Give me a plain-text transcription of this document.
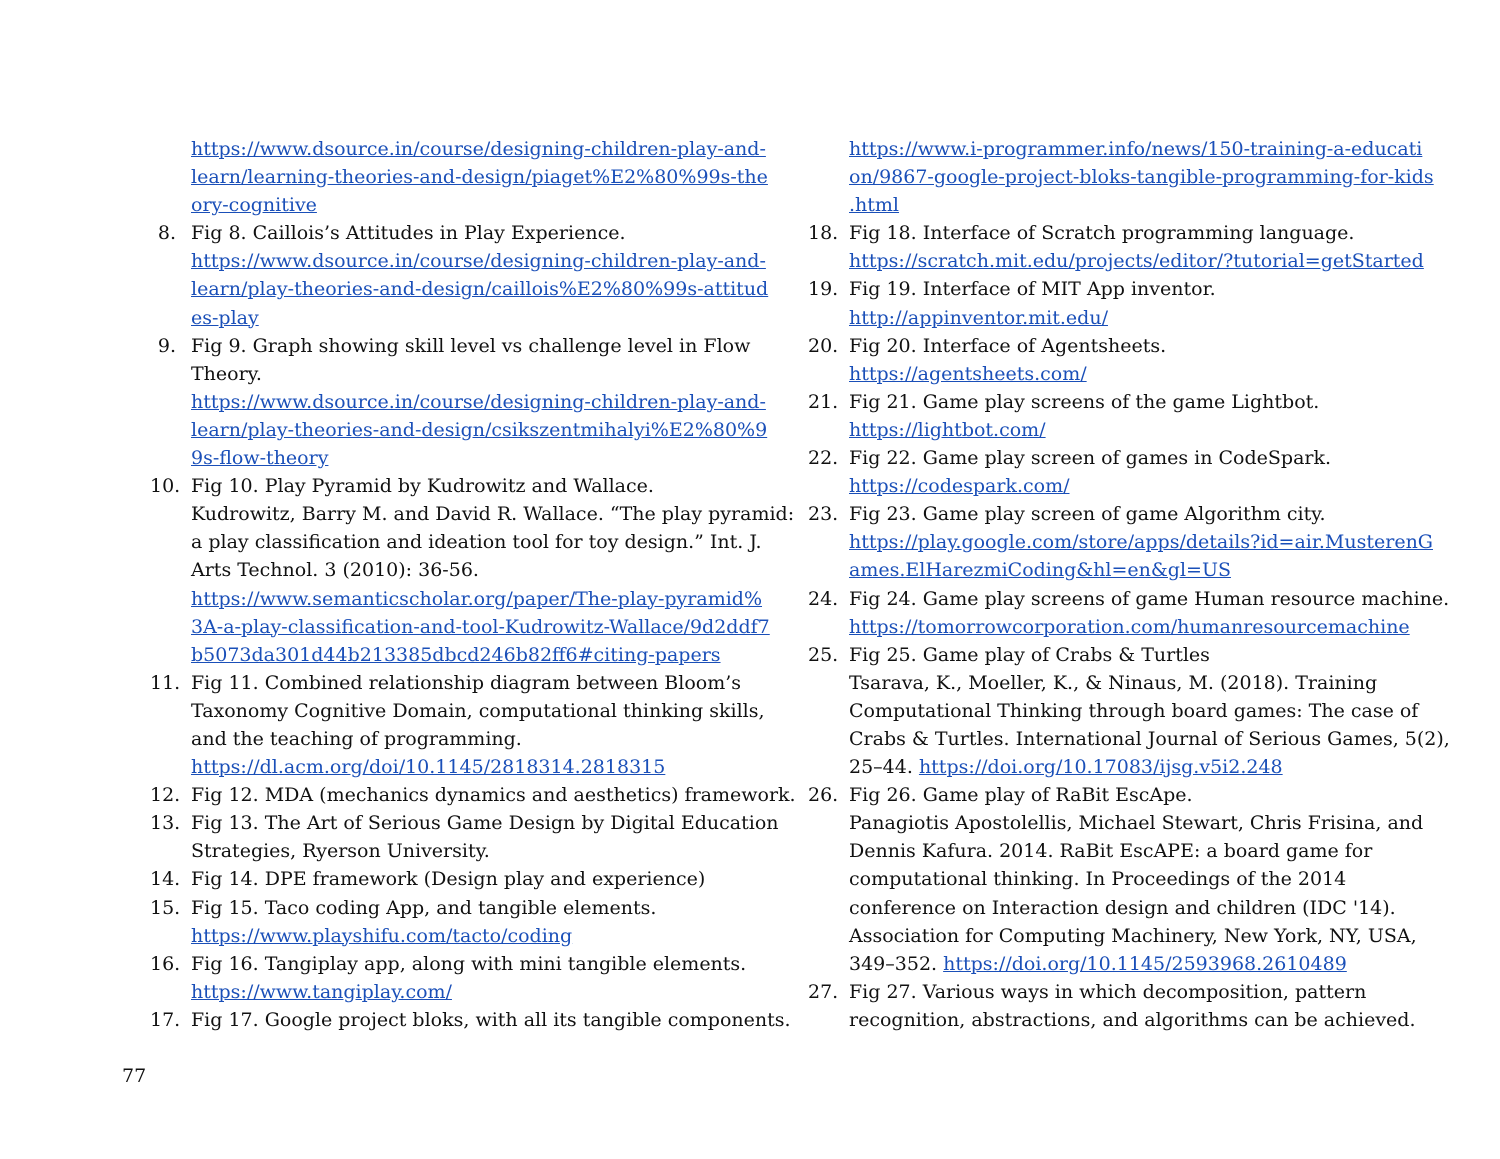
https://www.dsource.in/course/designing-children-play-and-
learn/learning-theories-and-design/piaget%E2%80%99s-the
ory-cognitive
8. Fig 8. Caillois’s Attitudes in Play Experience.
https://www.dsource.in/course/designing-children-play-and-
learn/play-theories-and-design/caillois%E2%80%99s-attitud
es-play
9. Fig 9. Graph showing skill level vs challenge level in Flow
Theory.
https://www.dsource.in/course/designing-children-play-and-
learn/play-theories-and-design/csikszentmihalyi%E2%80%9
9s-flow-theory
10. Fig 10. Play Pyramid by Kudrowitz and Wallace.
Kudrowitz, Barry M. and David R. Wallace. “The play pyramid:
a play classification and ideation tool for toy design.” Int. J.
Arts Technol. 3 (2010): 36-56.
https://www.semanticscholar.org/paper/The-play-pyramid%
3A-a-play-classification-and-tool-Kudrowitz-Wallace/9d2ddf7
b5073da301d44b213385dbcd246b82ff6#citing-papers
11. Fig 11. Combined relationship diagram between Bloom’s
Taxonomy Cognitive Domain, computational thinking skills,
and the teaching of programming.
https://dl.acm.org/doi/10.1145/2818314.2818315
12. Fig 12. MDA (mechanics dynamics and aesthetics) framework.
13. Fig 13. The Art of Serious Game Design by Digital Education
Strategies, Ryerson University.
14. Fig 14. DPE framework (Design play and experience)
15. Fig 15. Taco coding App, and tangible elements.
https://www.playshifu.com/tacto/coding
16. Fig 16. Tangiplay app, along with mini tangible elements.
https://www.tangiplay.com/
17. Fig 17. Google project bloks, with all its tangible components.
https://www.i-programmer.info/news/150-training-a-educati
on/9867-google-project-bloks-tangible-programming-for-kids
.html
18. Fig 18. Interface of Scratch programming language.
https://scratch.mit.edu/projects/editor/?tutorial=getStarted
19. Fig 19. Interface of MIT App inventor.
http://appinventor.mit.edu/
20. Fig 20. Interface of Agentsheets.
https://agentsheets.com/
21. Fig 21. Game play screens of the game Lightbot.
https://lightbot.com/
22. Fig 22. Game play screen of games in CodeSpark.
https://codespark.com/
23. Fig 23. Game play screen of game Algorithm city.
https://play.google.com/store/apps/details?id=air.MusterenG
ames.ElHarezmiCoding&hl=en&gl=US
24. Fig 24. Game play screens of game Human resource machine.
https://tomorrowcorporation.com/humanresourcemachine
25. Fig 25. Game play of Crabs & Turtles
Tsarava, K., Moeller, K., & Ninaus, M. (2018). Training
Computational Thinking through board games: The case of
Crabs & Turtles. International Journal of Serious Games, 5(2),
25–44. https://doi.org/10.17083/ijsg.v5i2.248
26. Fig 26. Game play of RaBit EscApe.
Panagiotis Apostolellis, Michael Stewart, Chris Frisina, and
Dennis Kafura. 2014. RaBit EscAPE: a board game for
computational thinking. In Proceedings of the 2014
conference on Interaction design and children (IDC '14).
Association for Computing Machinery, New York, NY, USA,
349–352. https://doi.org/10.1145/2593968.2610489
27. Fig 27. Various ways in which decomposition, pattern
recognition, abstractions, and algorithms can be achieved.
77
